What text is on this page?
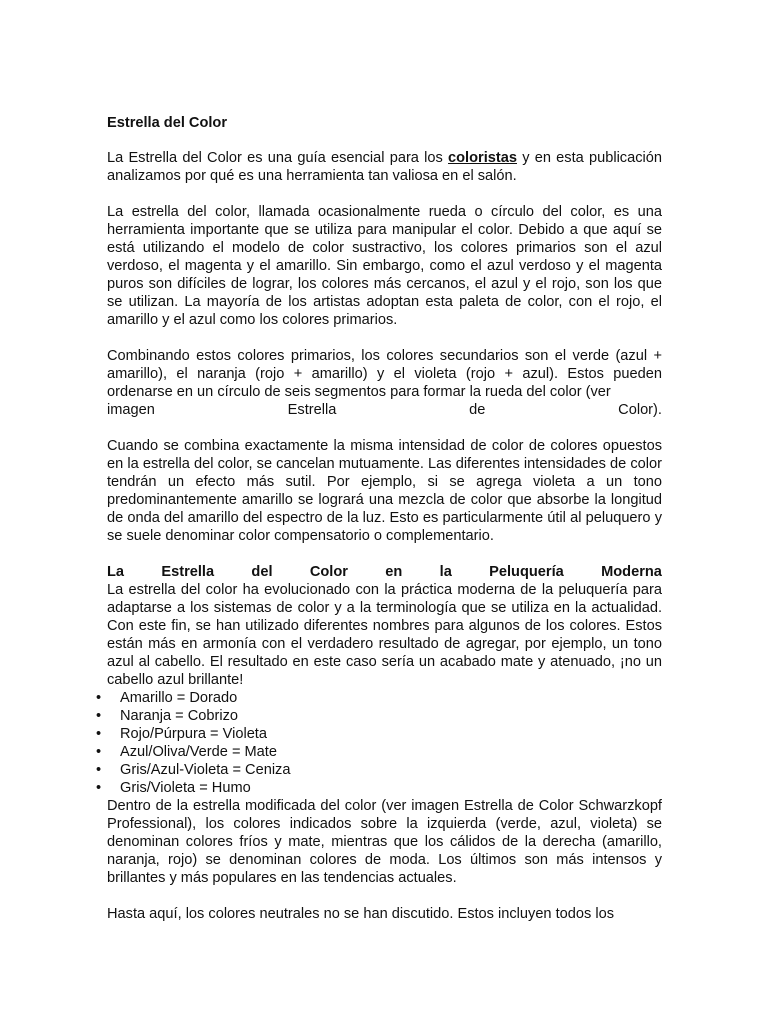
Estrella del Color

La Estrella del Color es una guía esencial para los coloristas y en esta publicación analizamos por qué es una herramienta tan valiosa en el salón.

La estrella del color, llamada ocasionalmente rueda o círculo del color, es una herramienta importante que se utiliza para manipular el color. Debido a que aquí se está utilizando el modelo de color sustractivo, los colores primarios son el azul verdoso, el magenta y el amarillo. Sin embargo, como el azul verdoso y el magenta puros son difíciles de lograr, los colores más cercanos, el azul y el rojo, son los que se utilizan. La mayoría de los artistas adoptan esta paleta de color, con el rojo, el amarillo y el azul como los colores primarios.

Combinando estos colores primarios, los colores secundarios son el verde (azul + amarillo), el naranja (rojo + amarillo) y el violeta (rojo + azul). Estos pueden ordenarse en un círculo de seis segmentos para formar la rueda del color (ver

imagen	Estrella	de	Color).

Cuando se combina exactamente la misma intensidad de color de colores opuestos en la estrella del color, se cancelan mutuamente. Las diferentes intensidades de color tendrán un efecto más sutil. Por ejemplo, si se agrega violeta a un tono predominantemente amarillo se logrará una mezcla de color que absorbe la longitud de onda del amarillo del espectro de la luz. Esto es particularmente útil al peluquero y se suele denominar color compensatorio o complementario.

La	Estrella	del	Color	en	la	Peluquería	Moderna

La estrella del color ha evolucionado con la práctica moderna de la peluquería para adaptarse a los sistemas de color y a la terminología que se utiliza en la actualidad. Con este fin, se han utilizado diferentes nombres para algunos de los colores. Estos están más en armonía con el verdadero resultado de agregar, por ejemplo, un tono azul al cabello. El resultado en este caso sería un acabado mate y atenuado, ¡no un cabello azul brillante!

• Amarillo = Dorado
• Naranja = Cobrizo
• Rojo/Púrpura = Violeta
• Azul/Oliva/Verde = Mate
• Gris/Azul-Violeta = Ceniza
• Gris/Violeta = Humo

Dentro de la estrella modificada del color (ver imagen Estrella de Color Schwarzkopf Professional), los colores indicados sobre la izquierda (verde, azul, violeta) se denominan colores fríos y mate, mientras que los cálidos de la derecha (amarillo, naranja, rojo) se denominan colores de moda. Los últimos son más intensos y brillantes y más populares en las tendencias actuales.

Hasta aquí, los colores neutrales no se han discutido. Estos incluyen todos los
